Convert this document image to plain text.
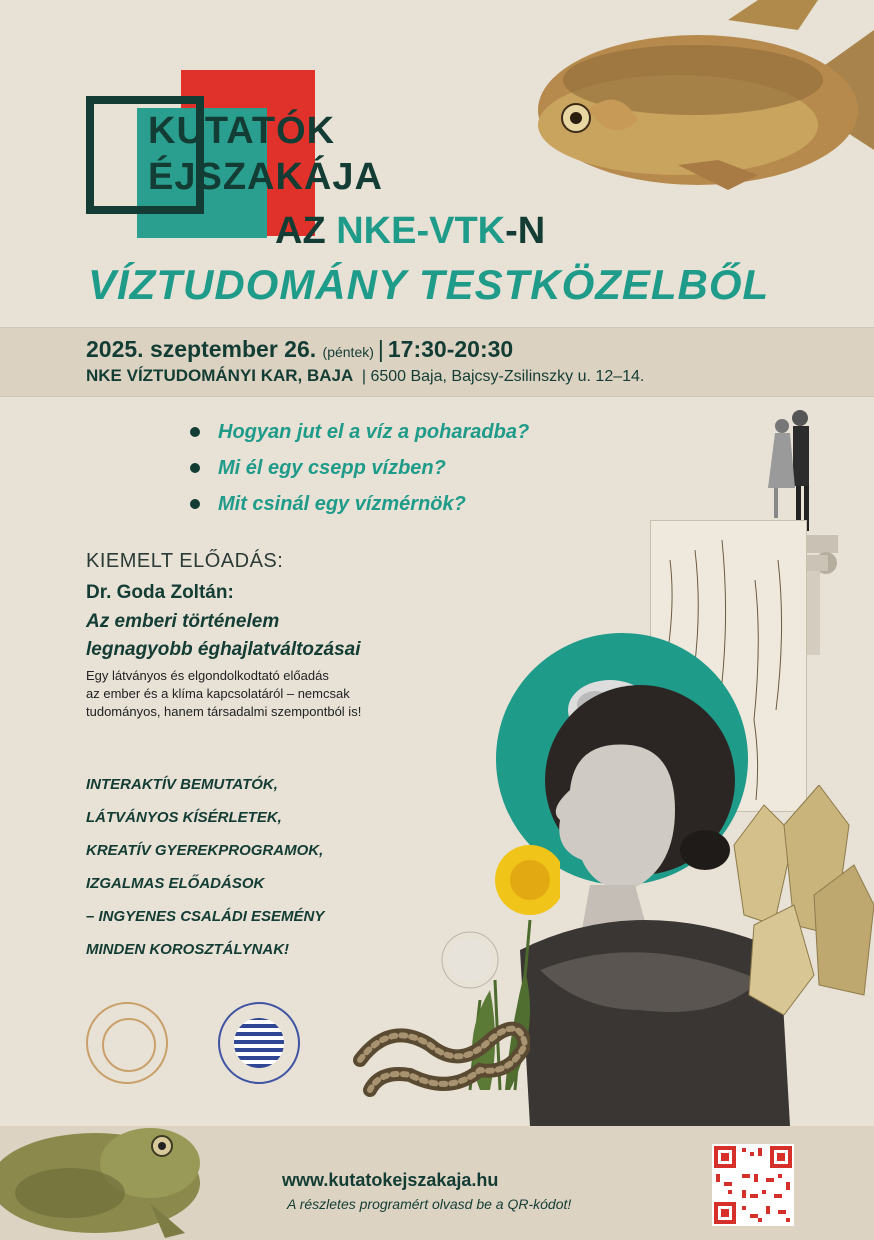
KUTATÓK
ÉJSZAKÁJA
AZ NKE-VTK-N
VÍZTUDOMÁNY TESTKÖZELBŐL
2025. szeptember 26. (péntek) | 17:30-20:30
NKE VÍZTUDOMÁNYI KAR, BAJA  | 6500 Baja, Bajcsy-Zsilinszky u. 12–14.
Hogyan jut el a víz a poharadba?
Mi él egy csepp vízben?
Mit csinál egy vízmérnök?
KIEMELT ELŐADÁS:
Dr. Goda Zoltán:
Az emberi történelem
legnagyobb éghajlatváltozásai
Egy látványos és elgondolkodtató előadás
az ember és a klíma kapcsolatáról – nemcsak
tudományos, hanem társadalmi szempontból is!
INTERAKTÍV BEMUTATÓK,
LÁTVÁNYOS KÍSÉRLETEK,
KREATÍV GYEREKPROGRAMOK,
IZGALMAS ELŐADÁSOK
– INGYENES CSALÁDI ESEMÉNY
MINDEN KOROSZTÁLYNAK!
www.kutatokejszakaja.hu
A részletes programért olvasd be a QR-kódot!
